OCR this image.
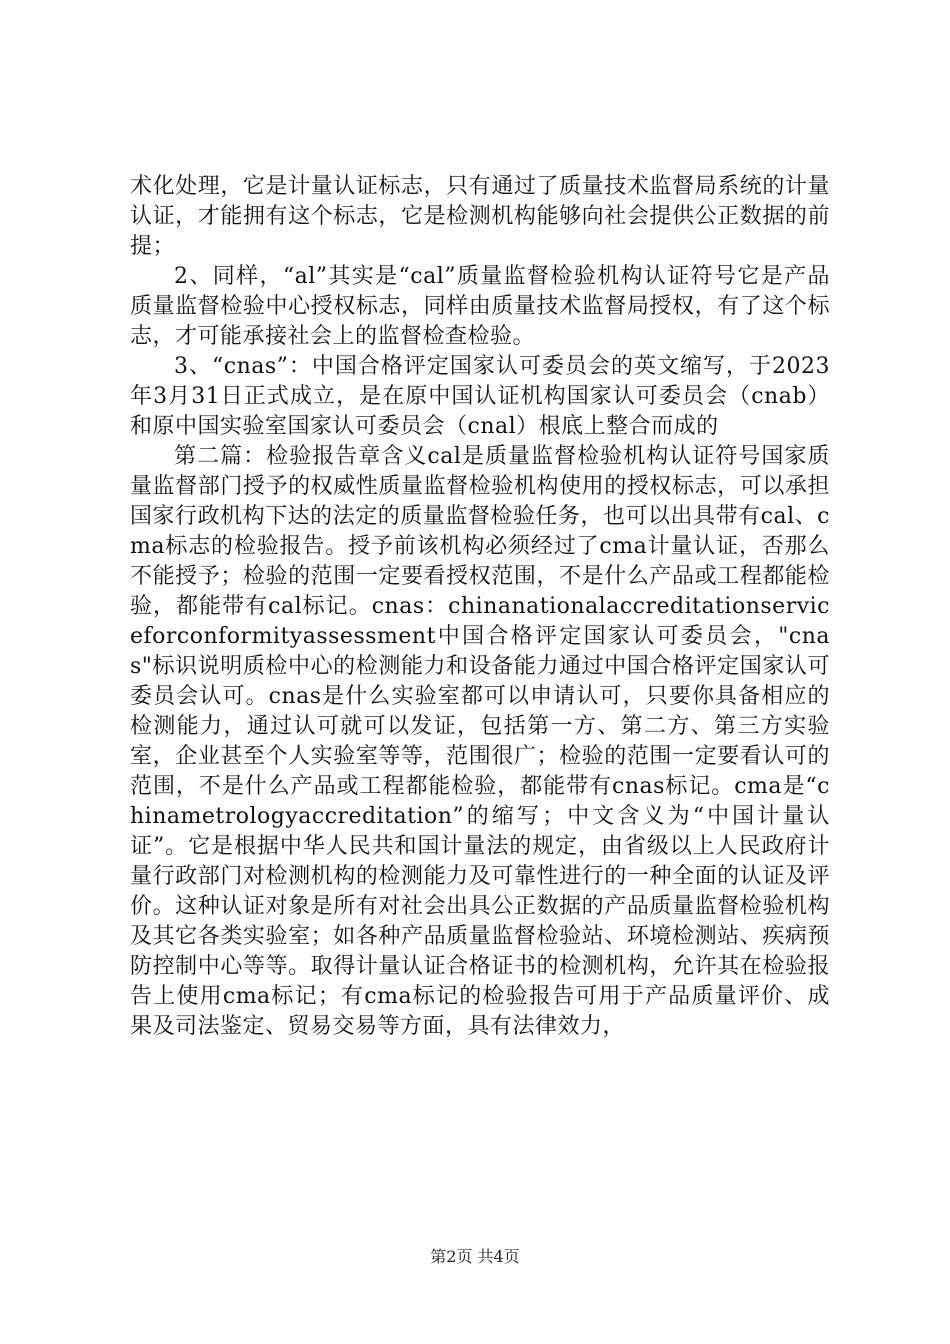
术化处理，它是计量认证标志，只有通过了质量技术监督局系统的计量认证，才能拥有这个标志，它是检测机构能够向社会提供公正数据的前提；

2、同样，“al”其实是“cal”质量监督检验机构认证符号它是产品质量监督检验中心授权标志，同样由质量技术监督局授权，有了这个标志，才可能承接社会上的监督检查检验。

3、“cnas”：中国合格评定国家认可委员会的英文缩写，于2023年3月31日正式成立，是在原中国认证机构国家认可委员会（cnab）和原中国实验室国家认可委员会（cnal）根底上整合而成的

第二篇：检验报告章含义cal是质量监督检验机构认证符号国家质量监督部门授予的权威性质量监督检验机构使用的授权标志，可以承担国家行政机构下达的法定的质量监督检验任务，也可以出具带有cal、cma标志的检验报告。授予前该机构必须经过了cma计量认证，否那么不能授予；检验的范围一定要看授权范围，不是什么产品或工程都能检验，都能带有cal标记。cnas：chinanationalaccreditationserviceforconformityassessment中国合格评定国家认可委员会，"cnas"标识说明质检中心的检测能力和设备能力通过中国合格评定国家认可委员会认可。cnas是什么实验室都可以申请认可，只要你具备相应的检测能力，通过认可就可以发证，包括第一方、第二方、第三方实验室，企业甚至个人实验室等等，范围很广；检验的范围一定要看认可的范围，不是什么产品或工程都能检验，都能带有cnas标记。cma是“chinametrologyaccreditation”的缩写；中文含义为“中国计量认证”。它是根据中华人民共和国计量法的规定，由省级以上人民政府计量行政部门对检测机构的检测能力及可靠性进行的一种全面的认证及评价。这种认证对象是所有对社会出具公正数据的产品质量监督检验机构及其它各类实验室；如各种产品质量监督检验站、环境检测站、疾病预防控制中心等等。取得计量认证合格证书的检测机构，允许其在检验报告上使用cma标记；有cma标记的检验报告可用于产品质量评价、成果及司法鉴定、贸易交易等方面，具有法律效力，

第2页 共4页
